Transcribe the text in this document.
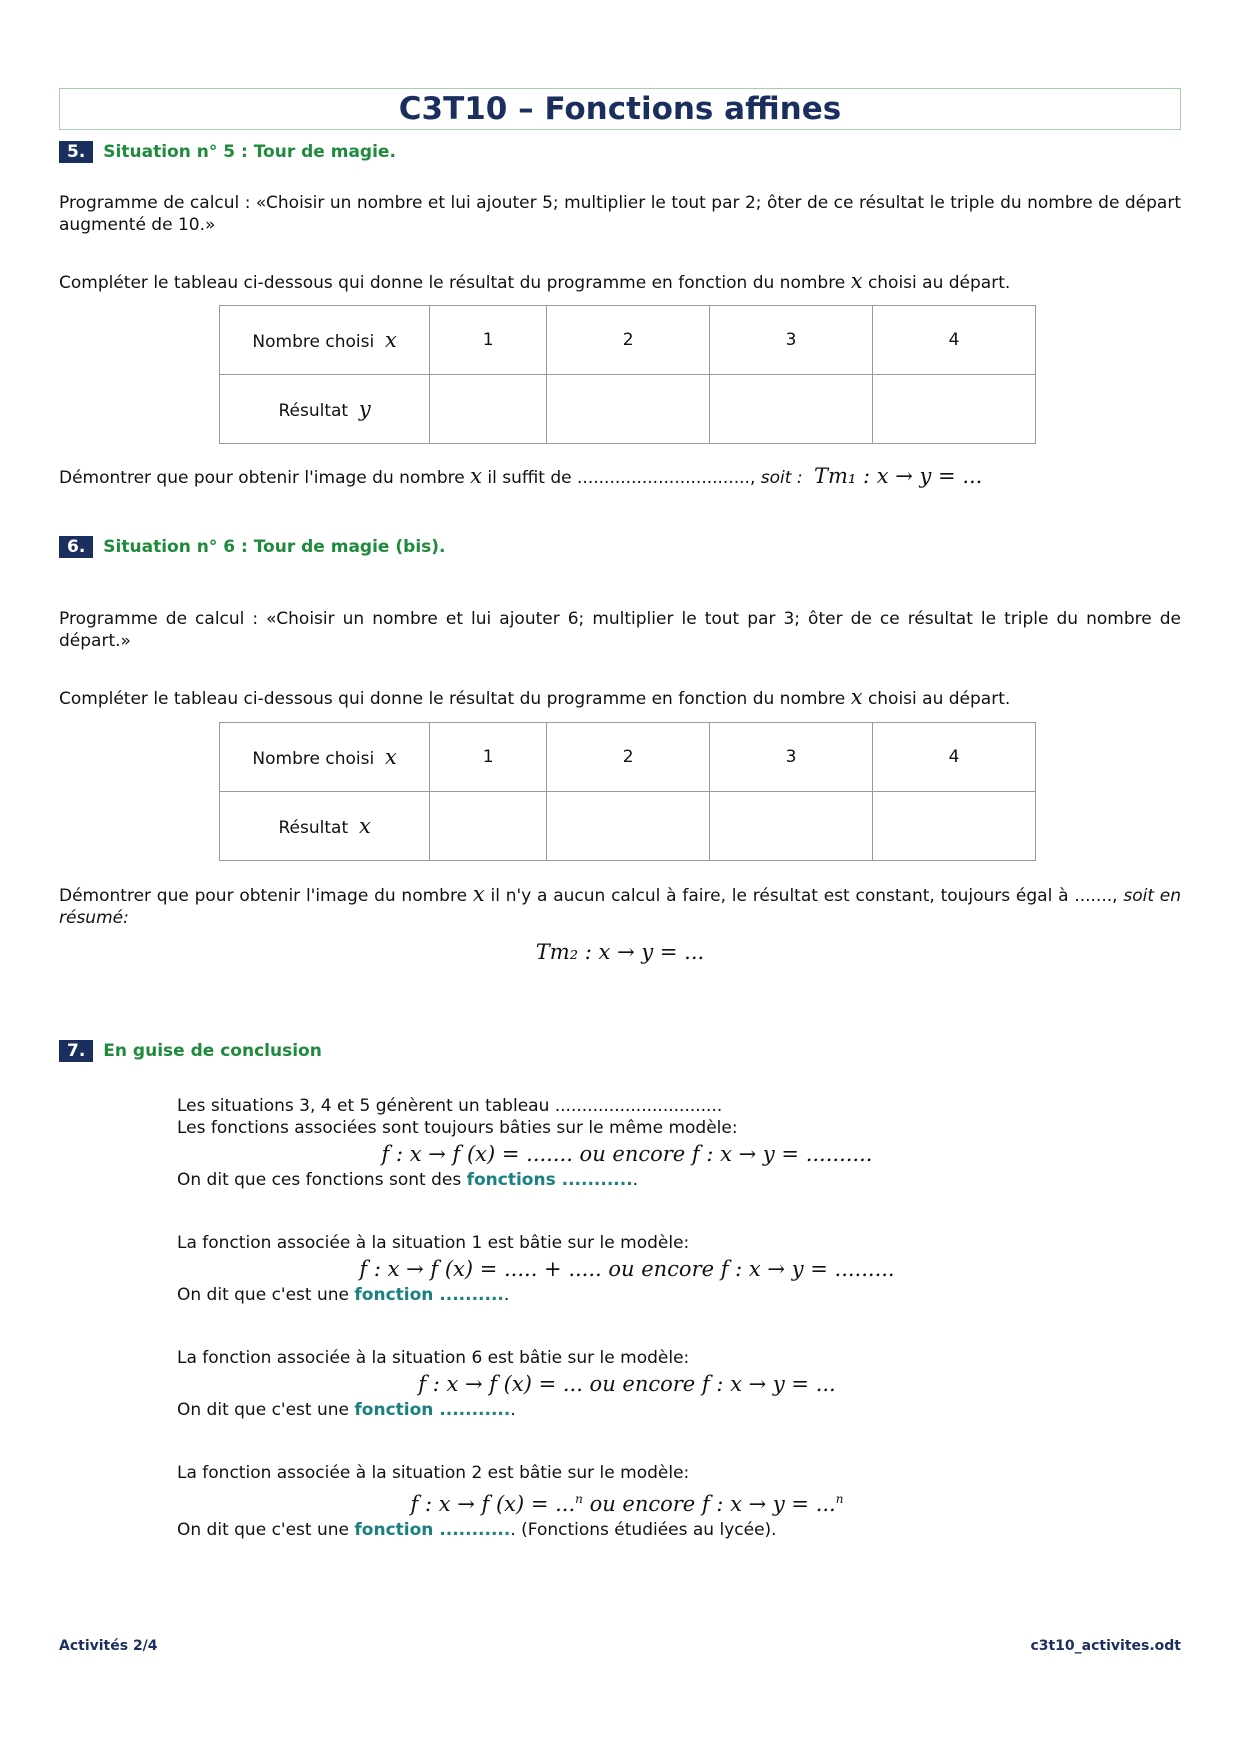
C3T10 – Fonctions affines
5.	Situation n° 5 : Tour de magie.
Programme de calcul : «Choisir un nombre et lui ajouter 5; multiplier le tout par 2; ôter de ce résultat le triple du nombre de départ augmenté de 10.»
Compléter le tableau ci-dessous qui donne le résultat du programme en fonction du nombre x choisi au départ.
Nombre choisi x	1	2	3	4
Résultat y				
Démontrer que pour obtenir l'image du nombre x il suffit de ................................, soit : Tm₁ : x → y = ...
6.	Situation n° 6 : Tour de magie (bis).
Programme de calcul : «Choisir un nombre et lui ajouter 6; multiplier le tout par 3; ôter de ce résultat le triple du nombre de départ.»
Compléter le tableau ci-dessous qui donne le résultat du programme en fonction du nombre x choisi au départ.
Nombre choisi x	1	2	3	4
Résultat x				
Démontrer que pour obtenir l'image du nombre x il n'y a aucun calcul à faire, le résultat est constant, toujours égal à ......., soit en résumé:
Tm₂ : x → y = ...
7.	En guise de conclusion
Les situations 3, 4 et 5 génèrent un tableau ...............................
Les fonctions associées sont toujours bâties sur le même modèle:
f : x → f (x) = ....... ou encore f : x → y = ..........
On dit que ces fonctions sont des fonctions ............
La fonction associée à la situation 1 est bâtie sur le modèle:
f : x → f (x) = ..... + ..... ou encore f : x → y = .........
On dit que c'est une fonction ...........
La fonction associée à la situation 6 est bâtie sur le modèle:
f : x → f (x) = ... ou encore f : x → y = ...
On dit que c'est une fonction ............
La fonction associée à la situation 2 est bâtie sur le modèle:
f : x → f (x) = ...$^n$ ou encore f : x → y = ...$^n$
On dit que c'est une fonction ............ (Fonctions étudiées au lycée).
Activités 2/4	c3t10_activites.odt
